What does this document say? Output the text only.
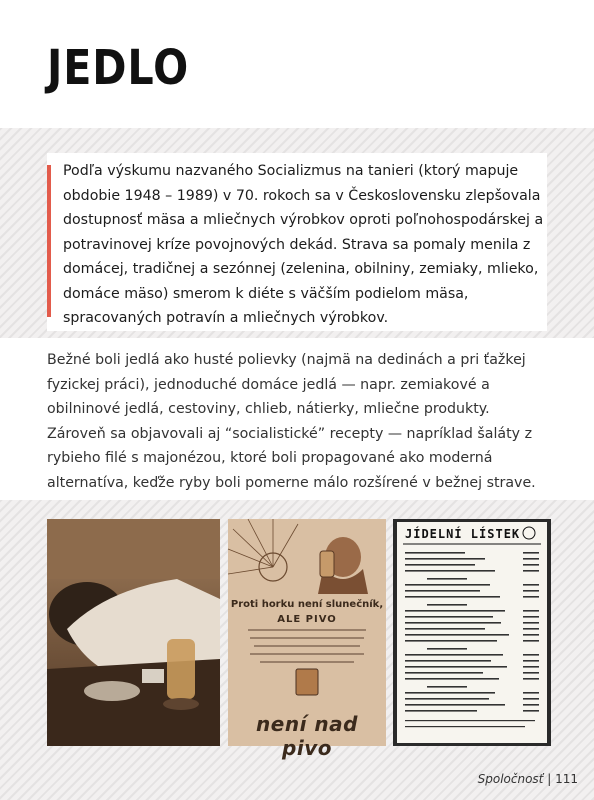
JEDLO

Podľa výskumu nazvaného Socializmus na tanieri (ktorý mapuje obdobie 1948 – 1989) v 70. rokoch sa v Československu zlepšovala dostupnosť mäsa a mliečnych výrobkov oproti poľnohospodárskej a potravinovej kríze povojnových dekád. Strava sa pomaly menila z domácej, tradičnej a sezónnej (zelenina, obilniny, zemiaky, mlieko, domáce mäso) smerom k diéte s väčším podielom mäsa, spracovaných potravín a mliečnych výrobkov.

Bežné boli jedlá ako husté polievky (najmä na dedinách a pri ťažkej fyzickej práci), jednoduché domáce jedlá — napr. zemiakové a obilninové jedlá, cestoviny, chlieb, nátierky, mliečne produkty. Zároveň sa objavovali aj “socialistické” recepty — napríklad šaláty z rybieho filé s majonézou, ktoré boli propagované ako moderná alternatíva, keďže ryby boli pomerne málo rozšírené v bežnej strave.

Proti horku není slunečník,
ALE PIVO
není nad pivo
JÍDELNÍ LÍSTEK
Spoločnosť | 111
